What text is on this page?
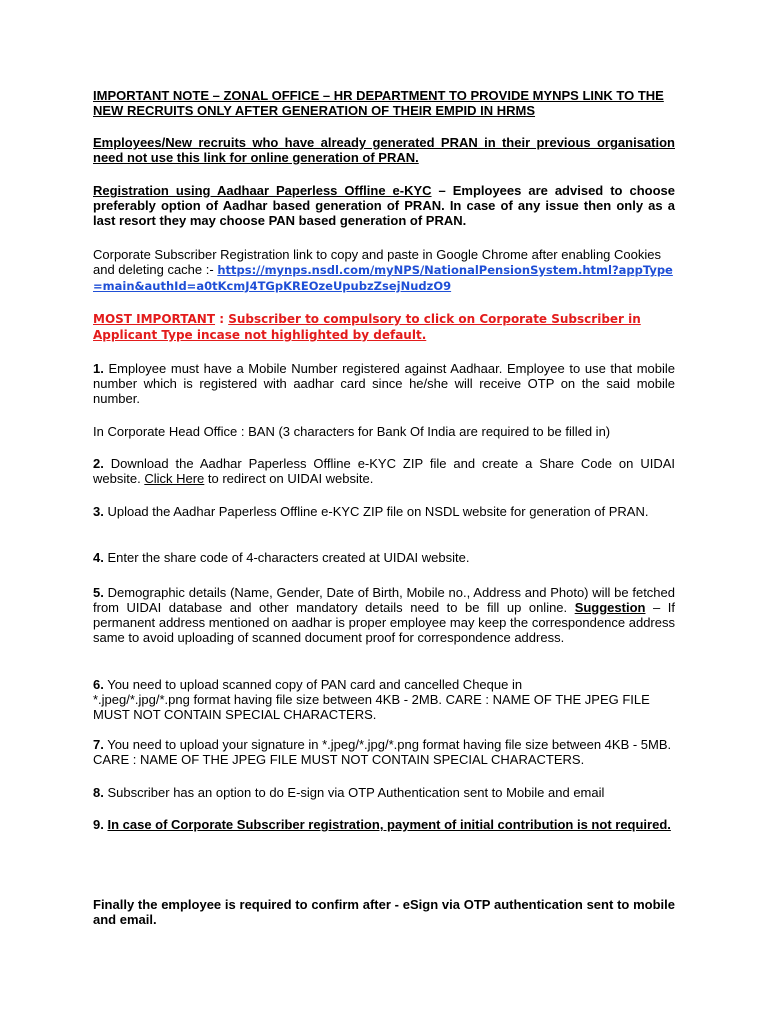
IMPORTANT NOTE – ZONAL OFFICE – HR DEPARTMENT TO PROVIDE MYNPS LINK TO THE NEW RECRUITS ONLY AFTER GENERATION OF THEIR EMPID IN HRMS
Employees/New recruits who have already generated PRAN in their previous organisation need not use this link for online generation of PRAN.
Registration using Aadhaar Paperless Offline e-KYC – Employees are advised to choose preferably option of Aadhar based generation of PRAN. In case of any issue then only as a last resort they may choose PAN based generation of PRAN.
Corporate Subscriber Registration link to copy and paste in Google Chrome after enabling Cookies and deleting cache :- https://mynps.nsdl.com/myNPS/NationalPensionSystem.html?appType=main&authId=a0tKcmJ4TGpKREOzeUpubzZsejNudzO9
MOST IMPORTANT : Subscriber to compulsory to click on Corporate Subscriber in Applicant Type incase not highlighted by default.
1. Employee must have a Mobile Number registered against Aadhaar. Employee to use that mobile number which is registered with aadhar card since he/she will receive OTP on the said mobile number.
In Corporate Head Office : BAN (3 characters for Bank Of India are required to be filled in)
2. Download the Aadhar Paperless Offline e-KYC ZIP file and create a Share Code on UIDAI website. Click Here to redirect on UIDAI website.
3. Upload the Aadhar Paperless Offline e-KYC ZIP file on NSDL website for generation of PRAN.
4. Enter the share code of 4-characters created at UIDAI website.
5. Demographic details (Name, Gender, Date of Birth, Mobile no., Address and Photo) will be fetched from UIDAI database and other mandatory details need to be fill up online. Suggestion – If permanent address mentioned on aadhar is proper employee may keep the correspondence address same to avoid uploading of scanned document proof for correspondence address.
6. You need to upload scanned copy of PAN card and cancelled Cheque in
*.jpeg/*.jpg/*.png format having file size between 4KB - 2MB. CARE : NAME OF THE JPEG FILE MUST NOT CONTAIN SPECIAL CHARACTERS.
7. You need to upload your signature in *.jpeg/*.jpg/*.png format having file size between 4KB - 5MB. CARE : NAME OF THE JPEG FILE MUST NOT CONTAIN SPECIAL CHARACTERS.
8. Subscriber has an option to do E-sign via OTP Authentication sent to Mobile and email
9. In case of Corporate Subscriber registration, payment of initial contribution is not required.
Finally the employee is required to confirm after - eSign via OTP authentication sent to mobile and email.
